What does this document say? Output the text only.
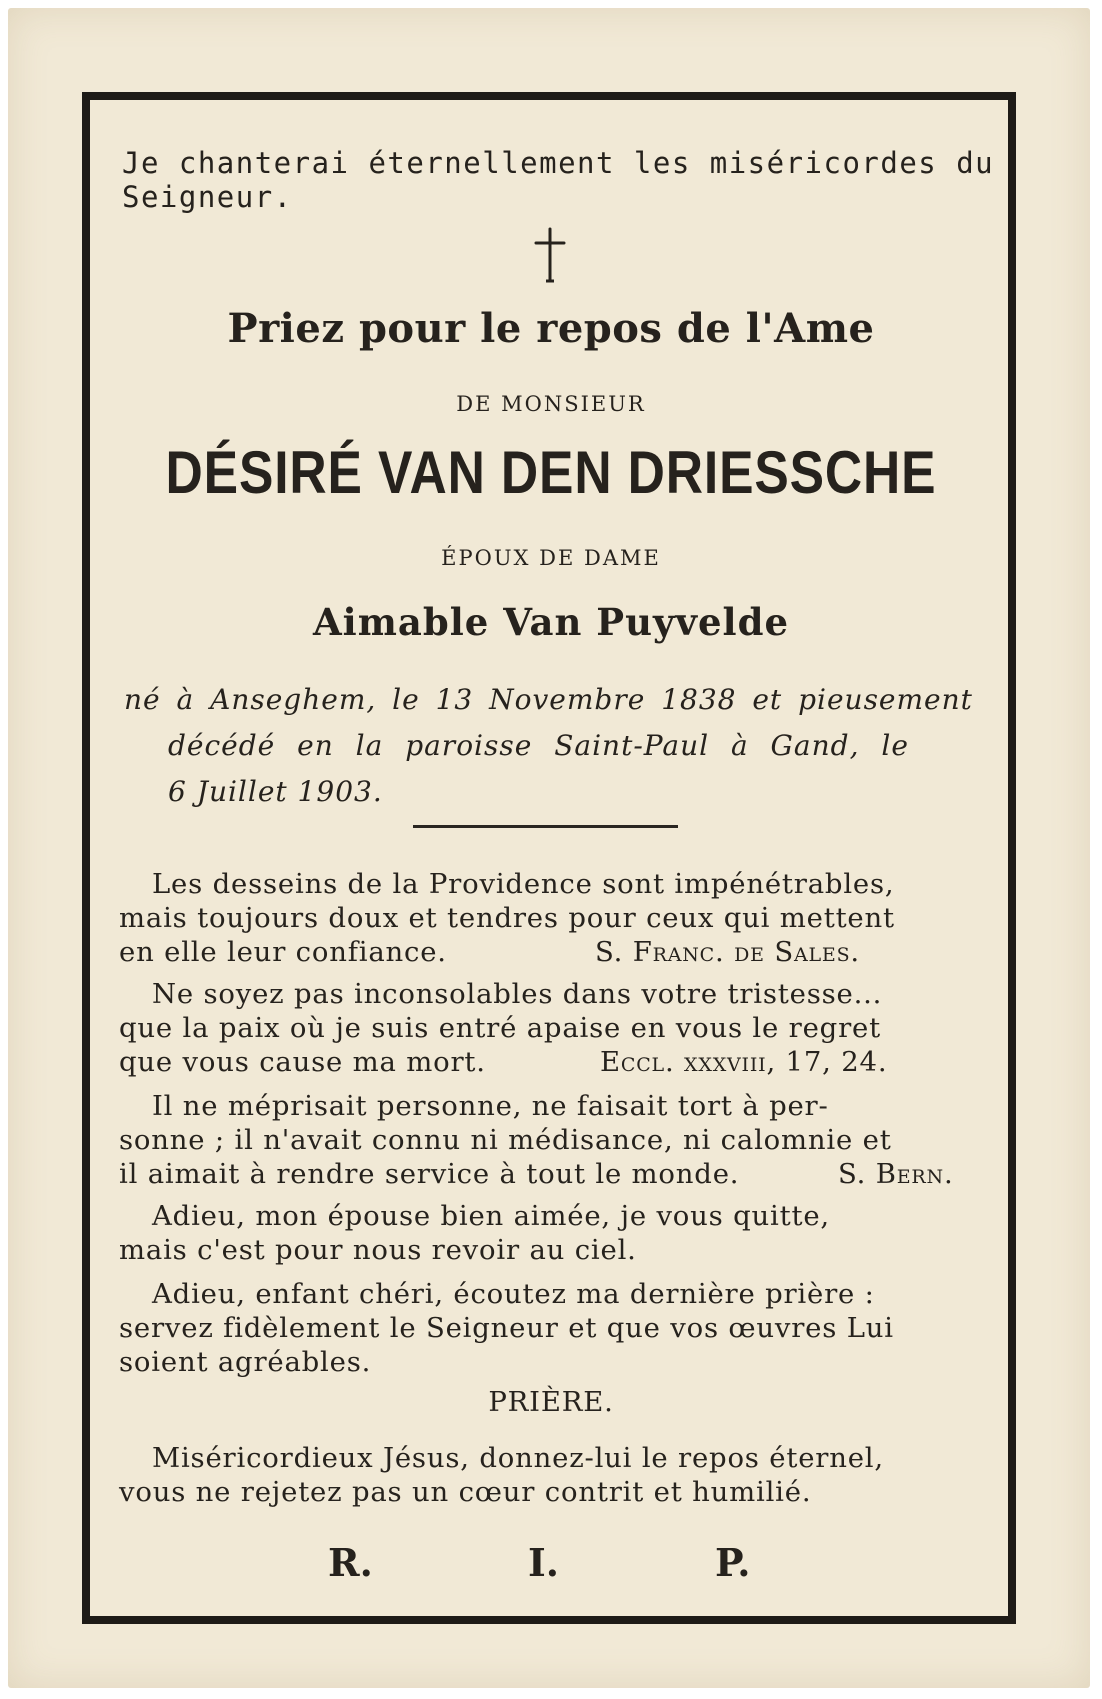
Je chanterai éternellement les miséricordes du
Seigneur.
Priez pour le repos de l'Ame
DE MONSIEUR
DÉSIRÉ VAN DEN DRIESSCHE
ÉPOUX DE DAME
Aimable Van Puyvelde
né à Anseghem, le 13 Novembre 1838 et pieusement
décédé en la paroisse Saint-Paul à Gand, le
6 Juillet 1903.
Les desseins de la Providence sont impénétrables,
mais toujours doux et tendres pour ceux qui mettent
en elle leur confiance.	S. Franc. de Sales.
Ne soyez pas inconsolables dans votre tristesse...
que la paix où je suis entré apaise en vous le regret
que vous cause ma mort.	Eccl. xxxviii, 17, 24.
Il ne méprisait personne, ne faisait tort à per-
sonne ; il n'avait connu ni médisance, ni calomnie et
il aimait à rendre service à tout le monde.	S. Bern.
Adieu, mon épouse bien aimée, je vous quitte,
mais c'est pour nous revoir au ciel.
Adieu, enfant chéri, écoutez ma dernière prière :
servez fidèlement le Seigneur et que vos œuvres Lui
soient agréables.
PRIÈRE.
Miséricordieux Jésus, donnez-lui le repos éternel,
vous ne rejetez pas un cœur contrit et humilié.
R.	I.	P.
